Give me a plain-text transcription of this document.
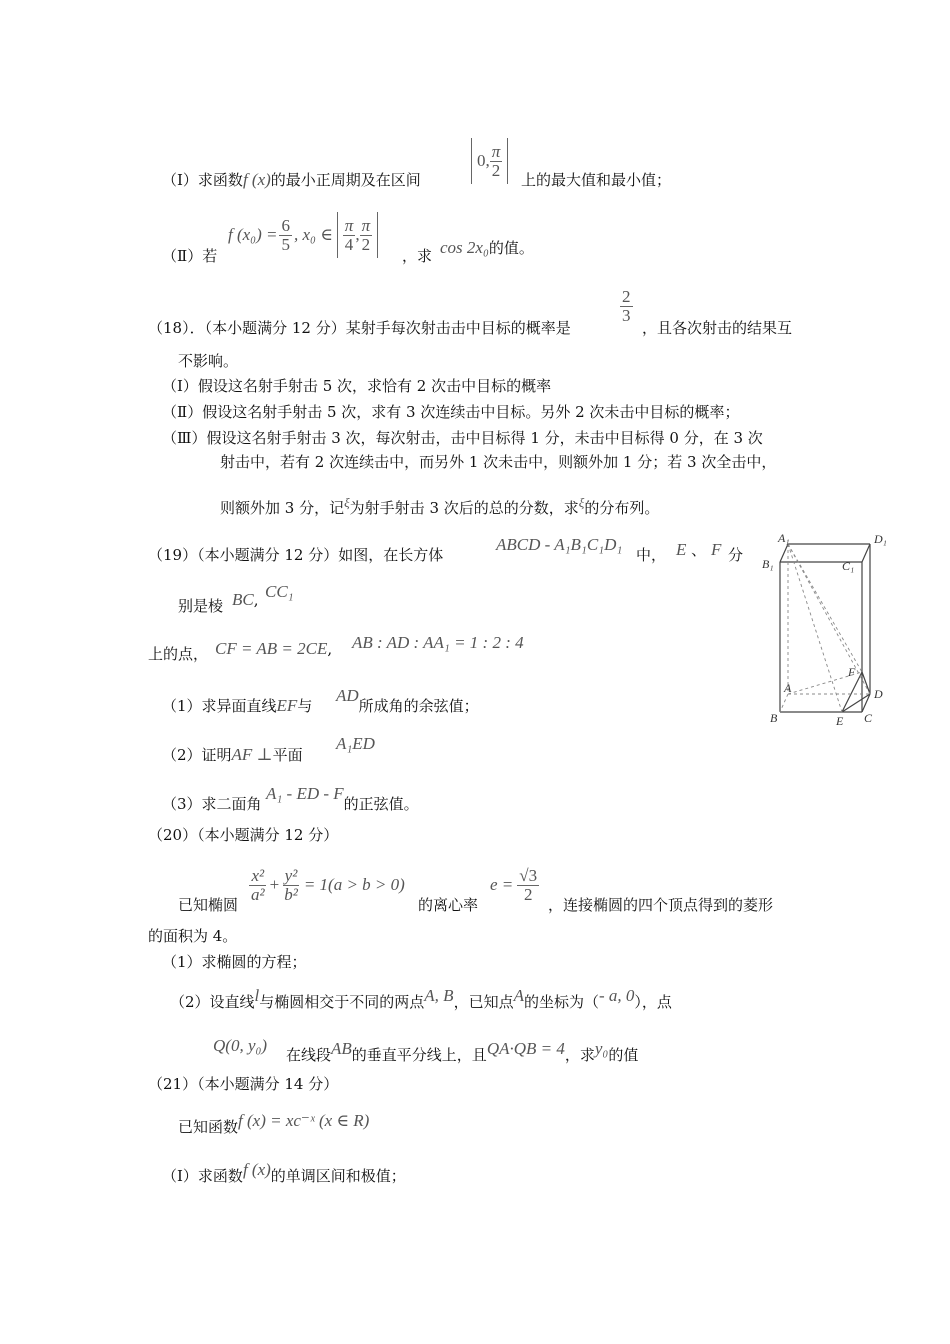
（Ⅰ）求函数f (x)的最小正周期及在区间
0, $\frac{\pi}{2}$
上的最大值和最小值；
（Ⅱ）若
f $(x_0) = \frac{6}{5}$ , x₀ ∈ $\frac{\pi}{4}$ , $\frac{\pi}{2}$
，求 cos 2x₀的值。
（18）．（本小题满分 12 分）某射手每次射击击中目标的概率是
$\frac{2}{3}$
，且各次射击的结果互
不影响。
（Ⅰ）假设这名射手射击 5 次，求恰有 2 次击中目标的概率
（Ⅱ）假设这名射手射击 5 次，求有 3 次连续击中目标。另外 2 次未击中目标的概率；
（Ⅲ）假设这名射手射击 3 次，每次射击，击中目标得 1 分，未击中目标得 0 分，在 3 次
射击中，若有 2 次连续击中，而另外 1 次未击中，则额外加 1 分；若 3 次全击中，
则额外加 3 分，记ξ为射手射击 3 次后的总的分数，求ξ的分布列。
（19）（本小题满分 12 分）如图，在长方体
ABCD - A₁B₁C₁D₁
中， E 、 F 分
别是棱 BC, CC₁
上的点， CF = AB = 2CE, AB : AD : AA₁ = 1 : 2 : 4
（1）求异面直线EF与
AD所成角的余弦值；
（2）证明AF ⊥平面
A₁ED
（3）求二面角
A₁ - ED - F的正弦值。
A₁	D₁
B₁	C₁
A
B	C
D
E
F
（20）（本小题满分 12 分）
已知椭圆
$\frac{\text{x²}}{\text{a²}} + \frac{\text{y²}}{\text{b²}} = 1(a > b > 0)$
的离心率
$e = \frac{√3}{2}$
，连接椭圆的四个顶点得到的菱形
的面积为 4。
（1）求椭圆的方程；
（2）设直线l与椭圆相交于不同的两点A, B，已知点A的坐标为（- a, 0），点
Q(0, y₀) 在线段AB的垂直平分线上，且QA·QB = 4，求y₀的值
（21）（本小题满分 14 分）
已知函数f (x) = xc⁻ˣ (x ∈ R)
（Ⅰ）求函数f (x)的单调区间和极值；
